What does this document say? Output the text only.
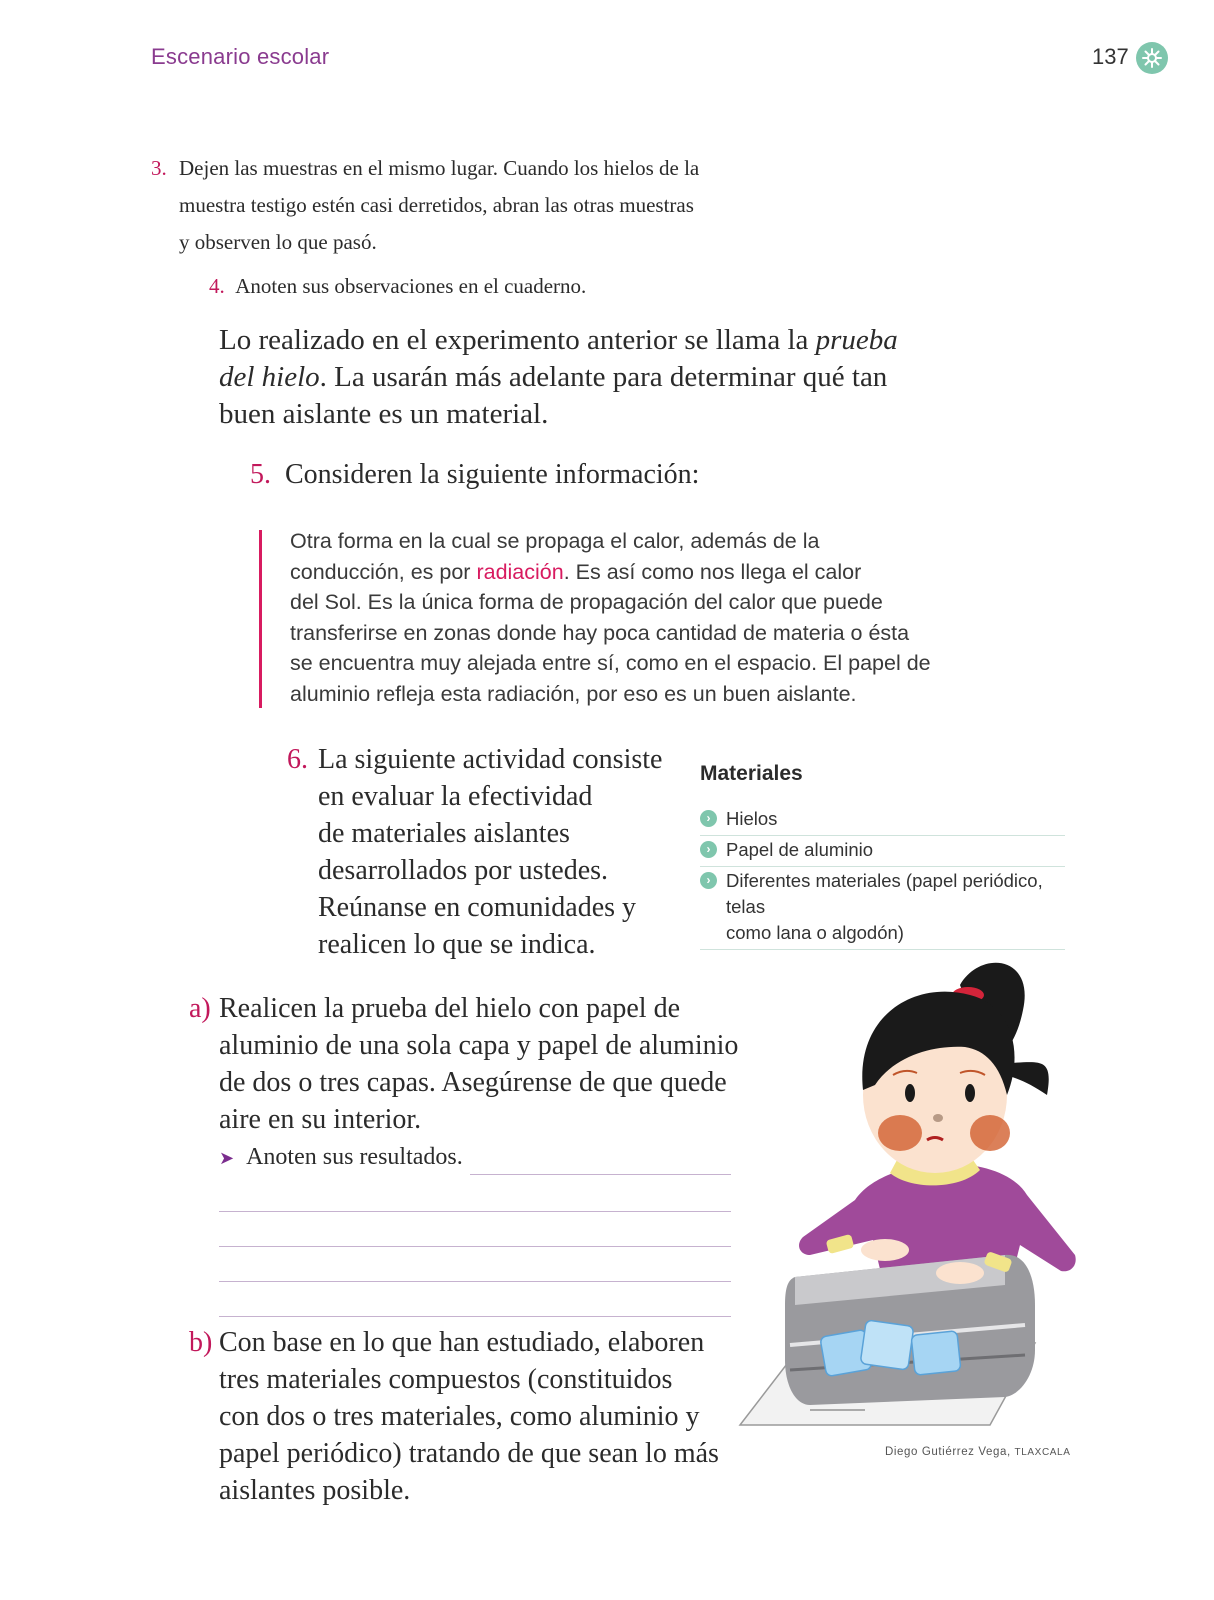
Escenario escolar	137
3. Dejen las muestras en el mismo lugar. Cuando los hielos de la
muestra testigo estén casi derretidos, abran las otras muestras
y observen lo que pasó.
4. Anoten sus observaciones en el cuaderno.
Lo realizado en el experimento anterior se llama la prueba
del hielo. La usarán más adelante para determinar qué tan
buen aislante es un material.
5. Consideren la siguiente información:
Otra forma en la cual se propaga el calor, además de la
conducción, es por radiación. Es así como nos llega el calor
del Sol. Es la única forma de propagación del calor que puede
transferirse en zonas donde hay poca cantidad de materia o ésta
se encuentra muy alejada entre sí, como en el espacio. El papel de
aluminio refleja esta radiación, por eso es un buen aislante.
6. La siguiente actividad consiste
en evaluar la efectividad
de materiales aislantes
desarrollados por ustedes.
Reúnanse en comunidades y
realicen lo que se indica.
Materiales
› Hielos
› Papel de aluminio
› Diferentes materiales (papel periódico, telas
como lana o algodón)
a) Realicen la prueba del hielo con papel de
aluminio de una sola capa y papel de aluminio
de dos o tres capas. Asegúrense de que quede
aire en su interior.
➤ Anoten sus resultados.
b) Con base en lo que han estudiado, elaboren
tres materiales compuestos (constituidos
con dos o tres materiales, como aluminio y
papel periódico) tratando de que sean lo más
aislantes posible.
Diego Gutiérrez Vega, TLAXCALA
